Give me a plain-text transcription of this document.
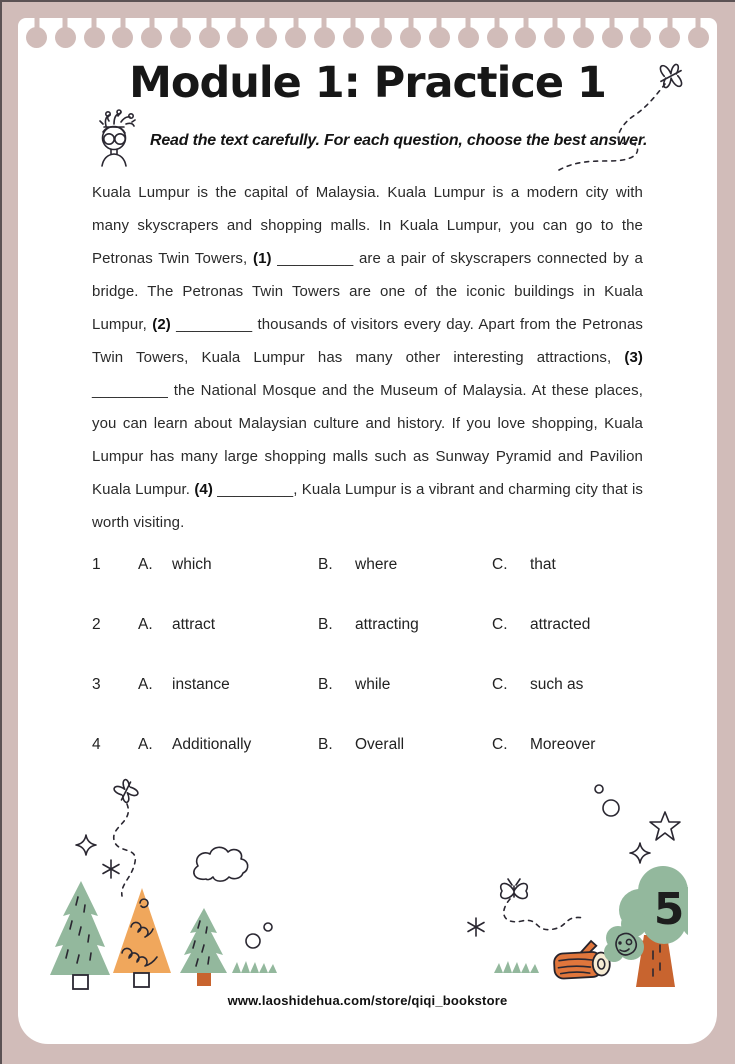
Module 1: Practice 1
Read the text carefully. For each question, choose the best answer.
Kuala Lumpur is the capital of Malaysia. Kuala Lumpur is a modern city with many skyscrapers and shopping malls. In Kuala Lumpur, you can go to the Petronas Twin Towers, (1) _________ are a pair of skyscrapers connected by a bridge. The Petronas Twin Towers are one of the iconic buildings in Kuala Lumpur, (2) _________ thousands of visitors every day. Apart from the Petronas Twin Towers, Kuala Lumpur has many other interesting attractions, (3) _________ the National Mosque and the Museum of Malaysia. At these places, you can learn about Malaysian culture and history. If you love shopping, Kuala Lumpur has many large shopping malls such as Sunway Pyramid and Pavilion Kuala Lumpur. (4) _________, Kuala Lumpur is a vibrant and charming city that is worth visiting.
1	A.	which	B.	where	C.	that
2	A.	attract	B.	attracting	C.	attracted
3	A.	instance	B.	while	C.	such as
4	A.	Additionally	B.	Overall	C.	Moreover
5
www.laoshidehua.com/store/qiqi_bookstore
